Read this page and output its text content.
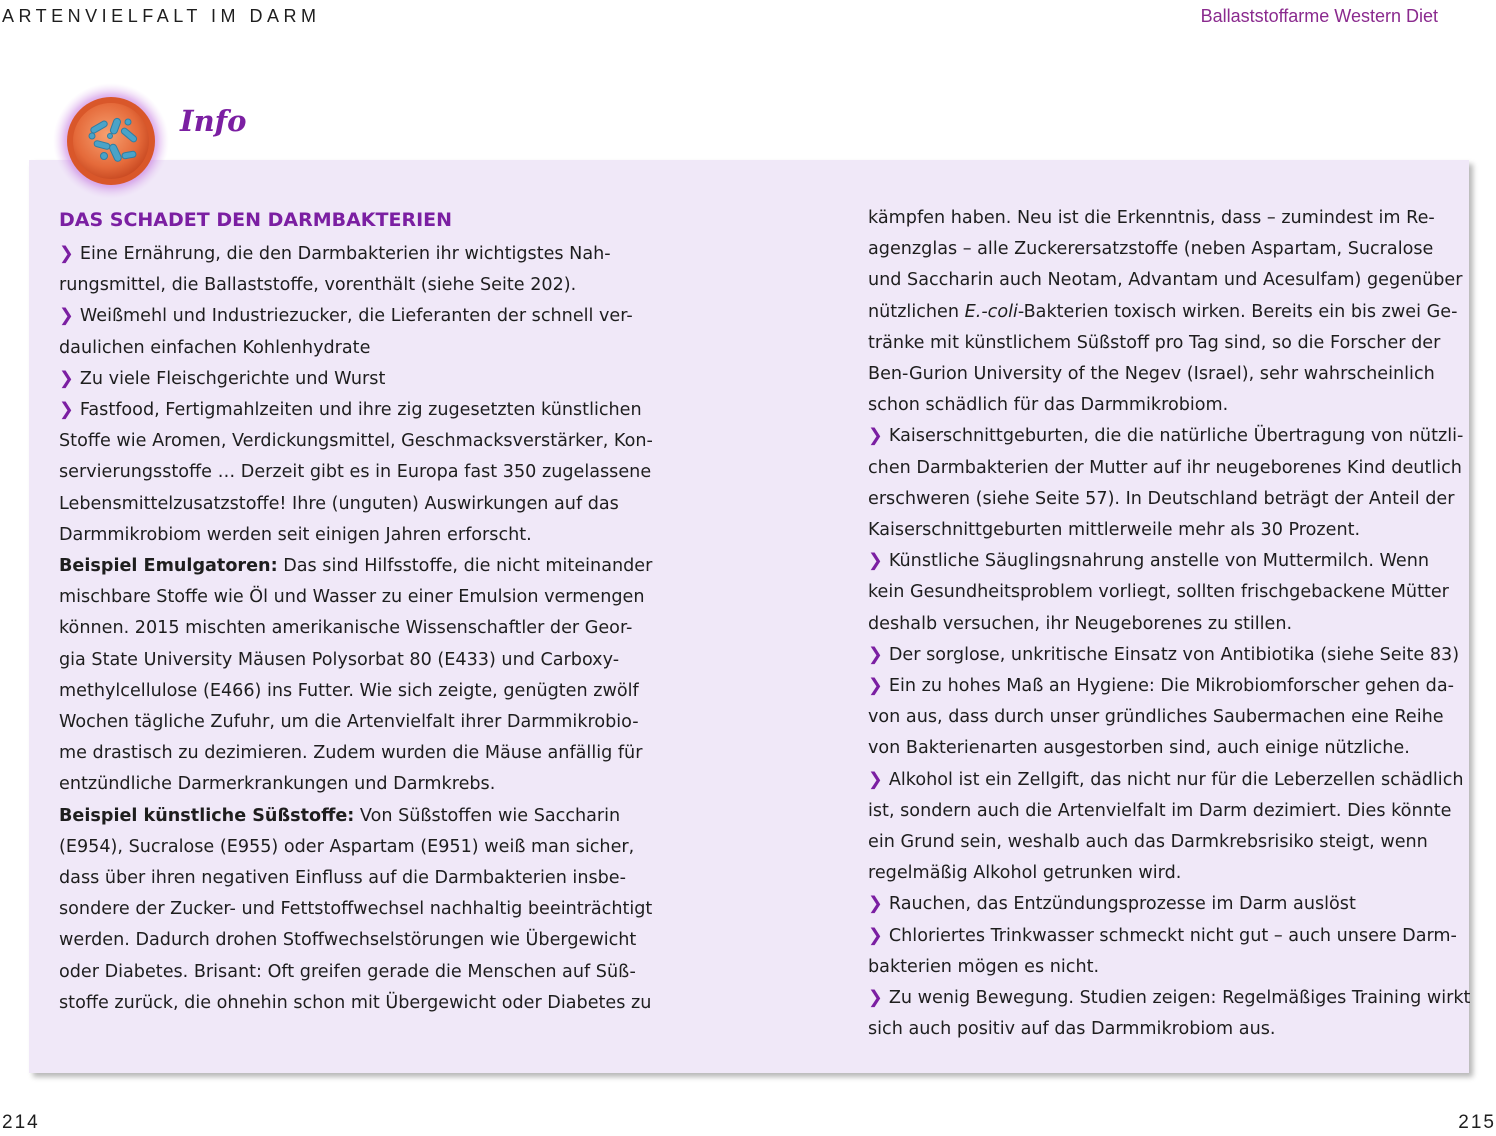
ARTENVIELFALT IM DARM	Ballaststoffarme Western Diet
Info
DAS SCHADET DEN DARMBAKTERIEN

❯ Eine Ernährung, die den Darmbakterien ihr wichtigstes Nah-

rungsmittel, die Ballaststoffe, vorenthält (siehe Seite 202).

❯ Weißmehl und Industriezucker, die Lieferanten der schnell ver-

daulichen einfachen Kohlenhydrate

❯ Zu viele Fleischgerichte und Wurst

❯ Fastfood, Fertigmahlzeiten und ihre zig zugesetzten künstlichen

Stoffe wie Aromen, Verdickungsmittel, Geschmacksverstärker, Kon-

servierungsstoffe … Derzeit gibt es in Europa fast 350 zugelassene

Lebensmittelzusatzstoffe! Ihre (unguten) Auswirkungen auf das

Darmmikrobiom werden seit einigen Jahren erforscht.

Beispiel Emulgatoren: Das sind Hilfsstoffe, die nicht miteinander

mischbare Stoffe wie Öl und Wasser zu einer Emulsion vermengen

können. 2015 mischten amerikanische Wissenschaftler der Geor-

gia State University Mäusen Polysorbat 80 (E433) und Carboxy-

methylcellulose (E466) ins Futter. Wie sich zeigte, genügten zwölf

Wochen tägliche Zufuhr, um die Artenvielfalt ihrer Darmmikrobio-

me drastisch zu dezimieren. Zudem wurden die Mäuse anfällig für

entzündliche Darmerkrankungen und Darmkrebs.

Beispiel künstliche Süßstoffe: Von Süßstoffen wie Saccharin

(E954), Sucralose (E955) oder Aspartam (E951) weiß man sicher,

dass über ihren negativen Einfluss auf die Darmbakterien insbe-

sondere der Zucker- und Fettstoffwechsel nachhaltig beeinträchtigt

werden. Dadurch drohen Stoffwechselstörungen wie Übergewicht

oder Diabetes. Brisant: Oft greifen gerade die Menschen auf Süß-

stoffe zurück, die ohnehin schon mit Übergewicht oder Diabetes zu

kämpfen haben. Neu ist die Erkenntnis, dass – zumindest im Re-

agenzglas – alle Zuckerersatzstoffe (neben Aspartam, Sucralose

und Saccharin auch Neotam, Advantam und Acesulfam) gegenüber

nützlichen E.-coli-Bakterien toxisch wirken. Bereits ein bis zwei Ge-

tränke mit künstlichem Süßstoff pro Tag sind, so die Forscher der

Ben-Gurion University of the Negev (Israel), sehr wahrscheinlich

schon schädlich für das Darmmikrobiom.

❯ Kaiserschnittgeburten, die die natürliche Übertragung von nützli-

chen Darmbakterien der Mutter auf ihr neugeborenes Kind deutlich

erschweren (siehe Seite 57). In Deutschland beträgt der Anteil der

Kaiserschnittgeburten mittlerweile mehr als 30 Prozent.

❯ Künstliche Säuglingsnahrung anstelle von Muttermilch. Wenn

kein Gesundheitsproblem vorliegt, sollten frischgebackene Mütter

deshalb versuchen, ihr Neugeborenes zu stillen.

❯ Der sorglose, unkritische Einsatz von Antibiotika (siehe Seite 83)

❯ Ein zu hohes Maß an Hygiene: Die Mikrobiomforscher gehen da-

von aus, dass durch unser gründliches Saubermachen eine Reihe

von Bakterienarten ausgestorben sind, auch einige nützliche.

❯ Alkohol ist ein Zellgift, das nicht nur für die Leberzellen schädlich

ist, sondern auch die Artenvielfalt im Darm dezimiert. Dies könnte

ein Grund sein, weshalb auch das Darmkrebsrisiko steigt, wenn

regelmäßig Alkohol getrunken wird.

❯ Rauchen, das Entzündungsprozesse im Darm auslöst

❯ Chloriertes Trinkwasser schmeckt nicht gut – auch unsere Darm-

bakterien mögen es nicht.

❯ Zu wenig Bewegung. Studien zeigen: Regelmäßiges Training wirkt

sich auch positiv auf das Darmmikrobiom aus.

214	215
